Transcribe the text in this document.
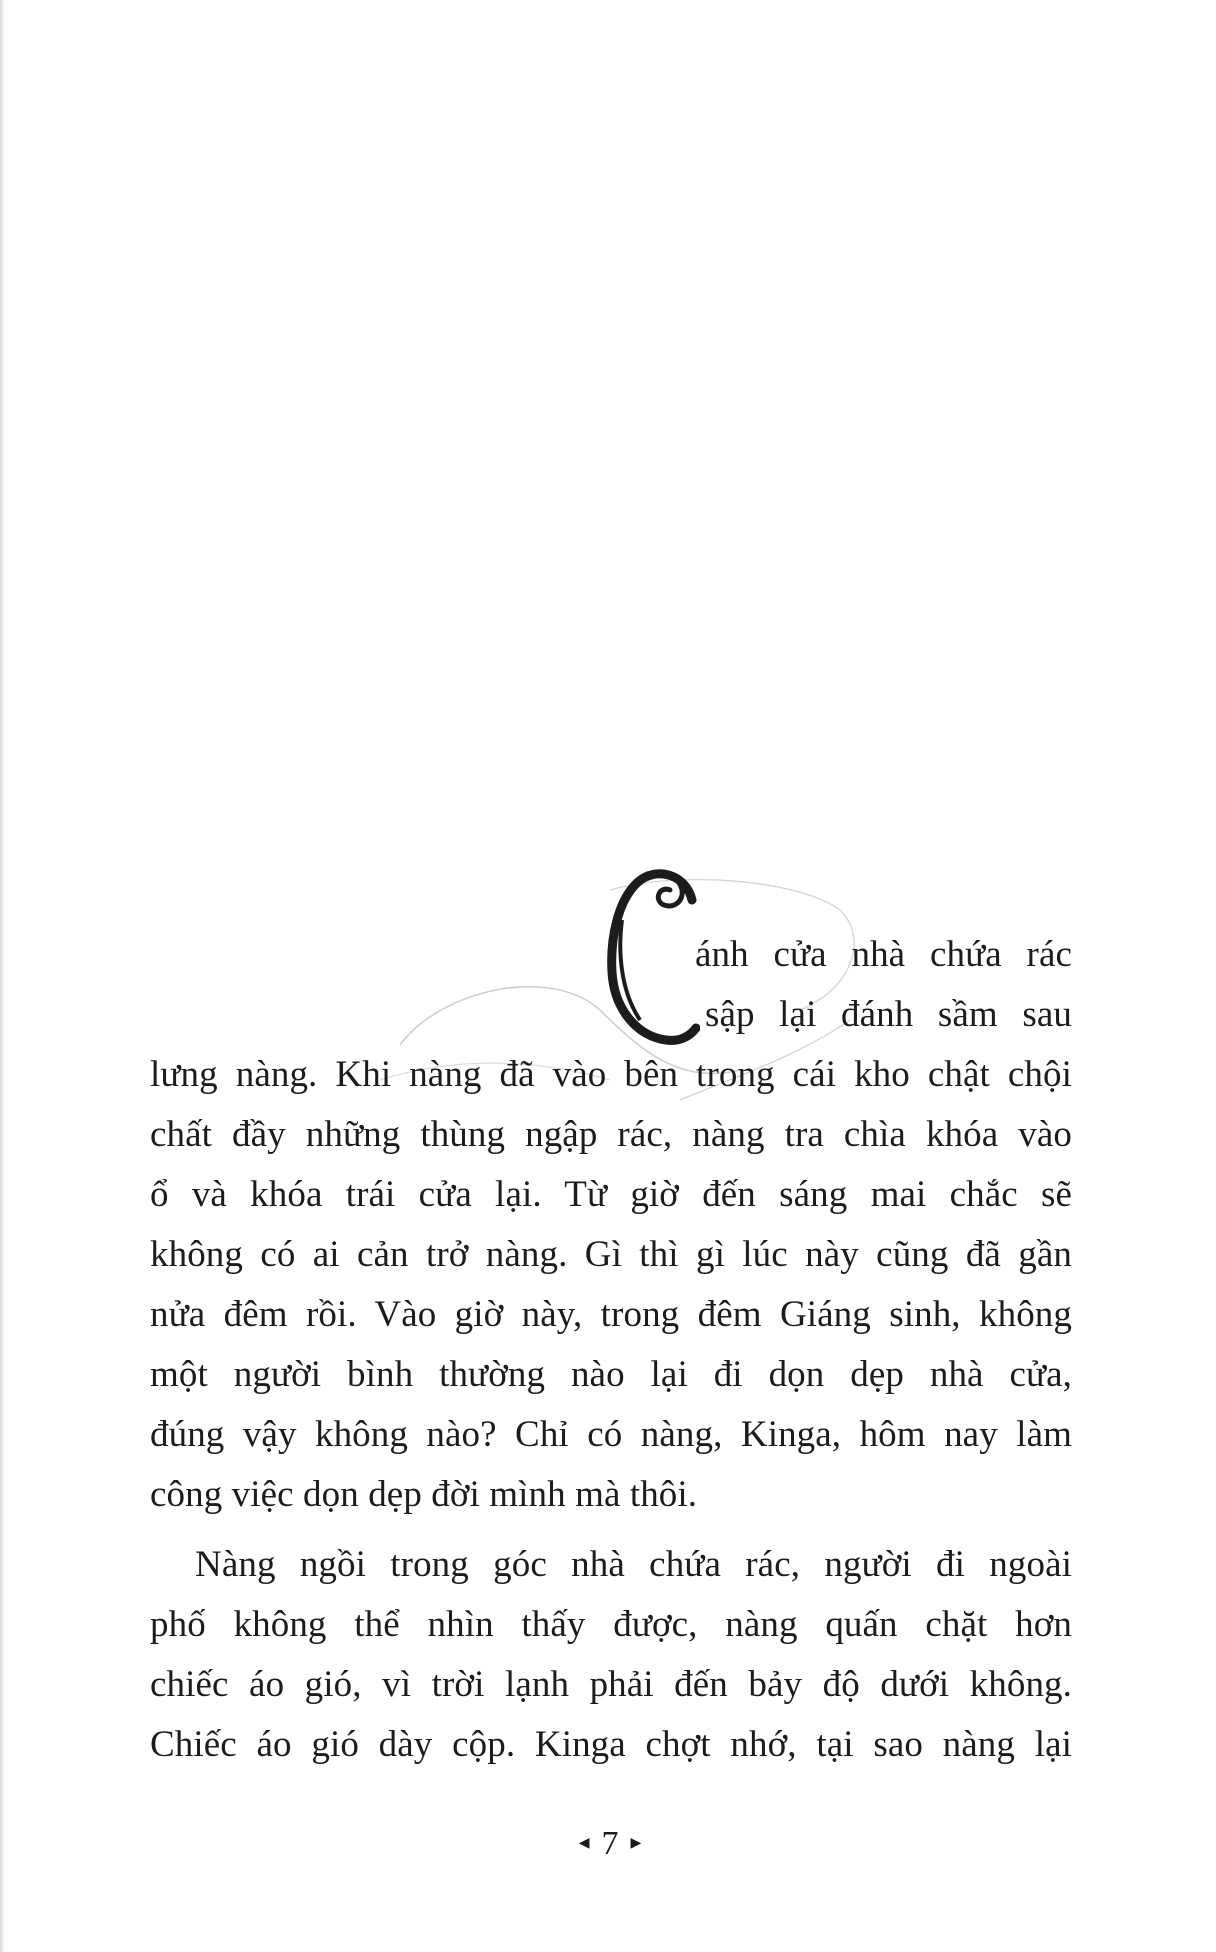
ánh cửa nhà chứa rác
sập lại đánh sầm sau
lưng nàng. Khi nàng đã vào bên trong cái kho chật chội
chất đầy những thùng ngập rác, nàng tra chìa khóa vào
ổ và khóa trái cửa lại. Từ giờ đến sáng mai chắc sẽ
không có ai cản trở nàng. Gì thì gì lúc này cũng đã gần
nửa đêm rồi. Vào giờ này, trong đêm Giáng sinh, không
một người bình thường nào lại đi dọn dẹp nhà cửa,
đúng vậy không nào? Chỉ có nàng, Kinga, hôm nay làm
công việc dọn dẹp đời mình mà thôi.
Nàng ngồi trong góc nhà chứa rác, người đi ngoài
phố không thể nhìn thấy được, nàng quấn chặt hơn
chiếc áo gió, vì trời lạnh phải đến bảy độ dưới không.
Chiếc áo gió dày cộp. Kinga chợt nhớ, tại sao nàng lại
◀ 7 ▶
